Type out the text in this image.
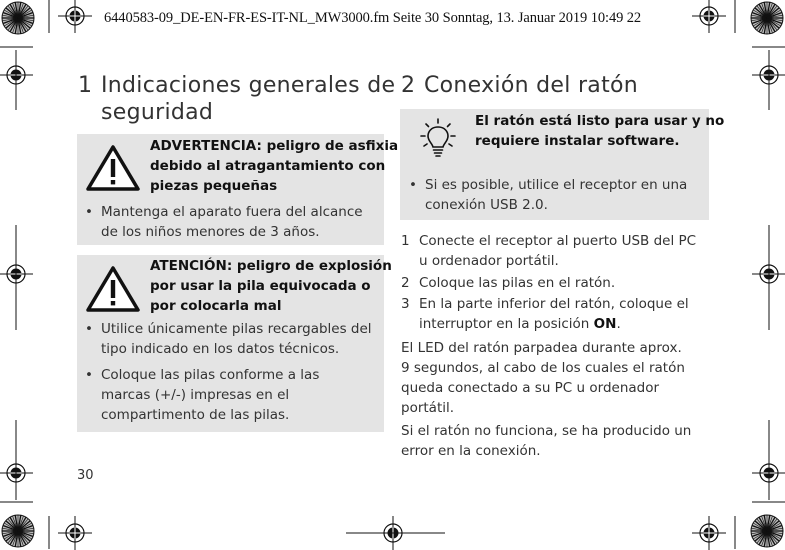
6440583-09_DE-EN-FR-ES-IT-NL_MW3000.fm Seite 30 Sonntag, 13. Januar 2019 10:49 22
1 Indicaciones generales de
seguridad
ADVERTENCIA: peligro de asfixia
debido al atragantamiento con
piezas pequeñas
• Mantenga el aparato fuera del alcance
de los niños menores de 3 años.
ATENCIÓN: peligro de explosión
por usar la pila equivocada o
por colocarla mal
• Utilice únicamente pilas recargables del
tipo indicado en los datos técnicos.
• Coloque las pilas conforme a las
marcas (+/-) impresas en el
compartimento de las pilas.
30
2 Conexión del ratón
El ratón está listo para usar y no
requiere instalar software.
• Si es posible, utilice el receptor en una
conexión USB 2.0.
1 Conecte el receptor al puerto USB del PC
u ordenador portátil.
2 Coloque las pilas en el ratón.
3 En la parte inferior del ratón, coloque el
interruptor en la posición ON.
El LED del ratón parpadea durante aprox.
9 segundos, al cabo de los cuales el ratón
queda conectado a su PC u ordenador
portátil.
Si el ratón no funciona, se ha producido un
error en la conexión.
